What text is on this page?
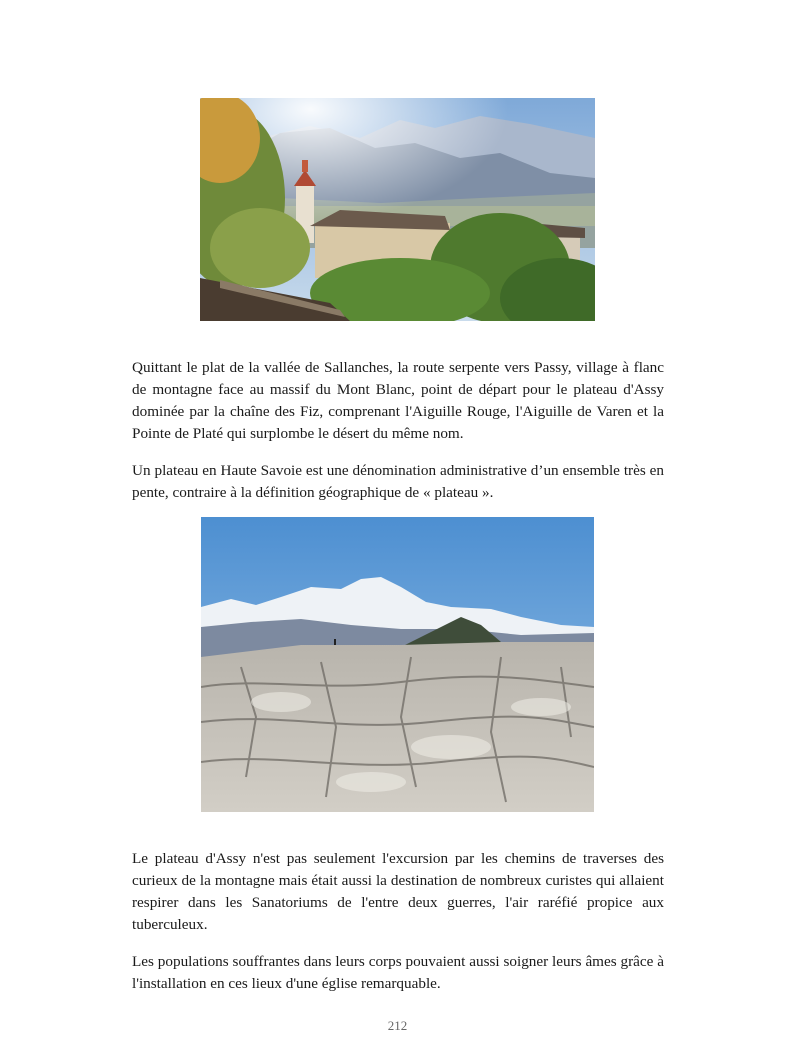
Quittant le plat de la vallée de Sallanches, la route serpente vers Passy, village à flanc de montagne face au massif du Mont Blanc, point de départ pour le plateau d'Assy dominée par la chaîne des Fiz, comprenant l'Aiguille Rouge, l'Aiguille de Varen et la Pointe de Platé qui surplombe le désert du même nom.

Un plateau en Haute Savoie est une dénomination administrative d’un ensemble très en pente, contraire à la définition géographique de « plateau ».

Le plateau d'Assy n'est pas seulement l'excursion par les chemins de traverses des curieux de la montagne mais était aussi la destination de nombreux curistes qui allaient respirer dans les Sanatoriums de l'entre deux guerres, l'air raréfié propice aux tuberculeux.

Les populations souffrantes dans leurs corps pouvaient aussi soigner leurs âmes grâce à l'installation en ces lieux d'une église remarquable.

212
